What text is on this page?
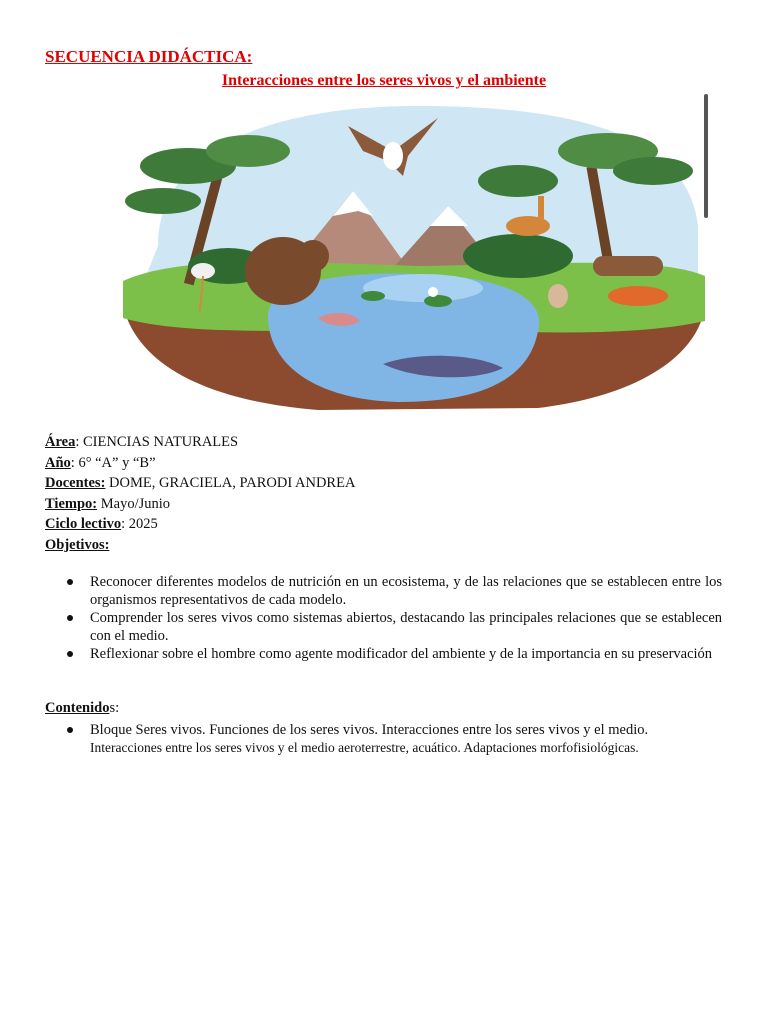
SECUENCIA DIDÁCTICA:
Interacciones entre los seres vivos y el ambiente
Área: CIENCIAS NATURALES
Año: 6° “A” y “B”
Docentes: DOME, GRACIELA, PARODI ANDREA
Tiempo: Mayo/Junio
Ciclo lectivo: 2025
Objetivos:
Reconocer diferentes modelos de nutrición en un ecosistema, y de las relaciones que se establecen entre los organismos representativos de cada modelo.
Comprender los seres vivos como sistemas abiertos, destacando las principales relaciones que se establecen con el medio.
Reflexionar sobre el hombre como agente modificador del ambiente y de la importancia en su preservación
Contenidos:
Bloque Seres vivos. Funciones de los seres vivos. Interacciones entre los seres vivos y el medio.
Interacciones entre los seres vivos y el medio aeroterrestre, acuático. Adaptaciones morfofisiológicas.
